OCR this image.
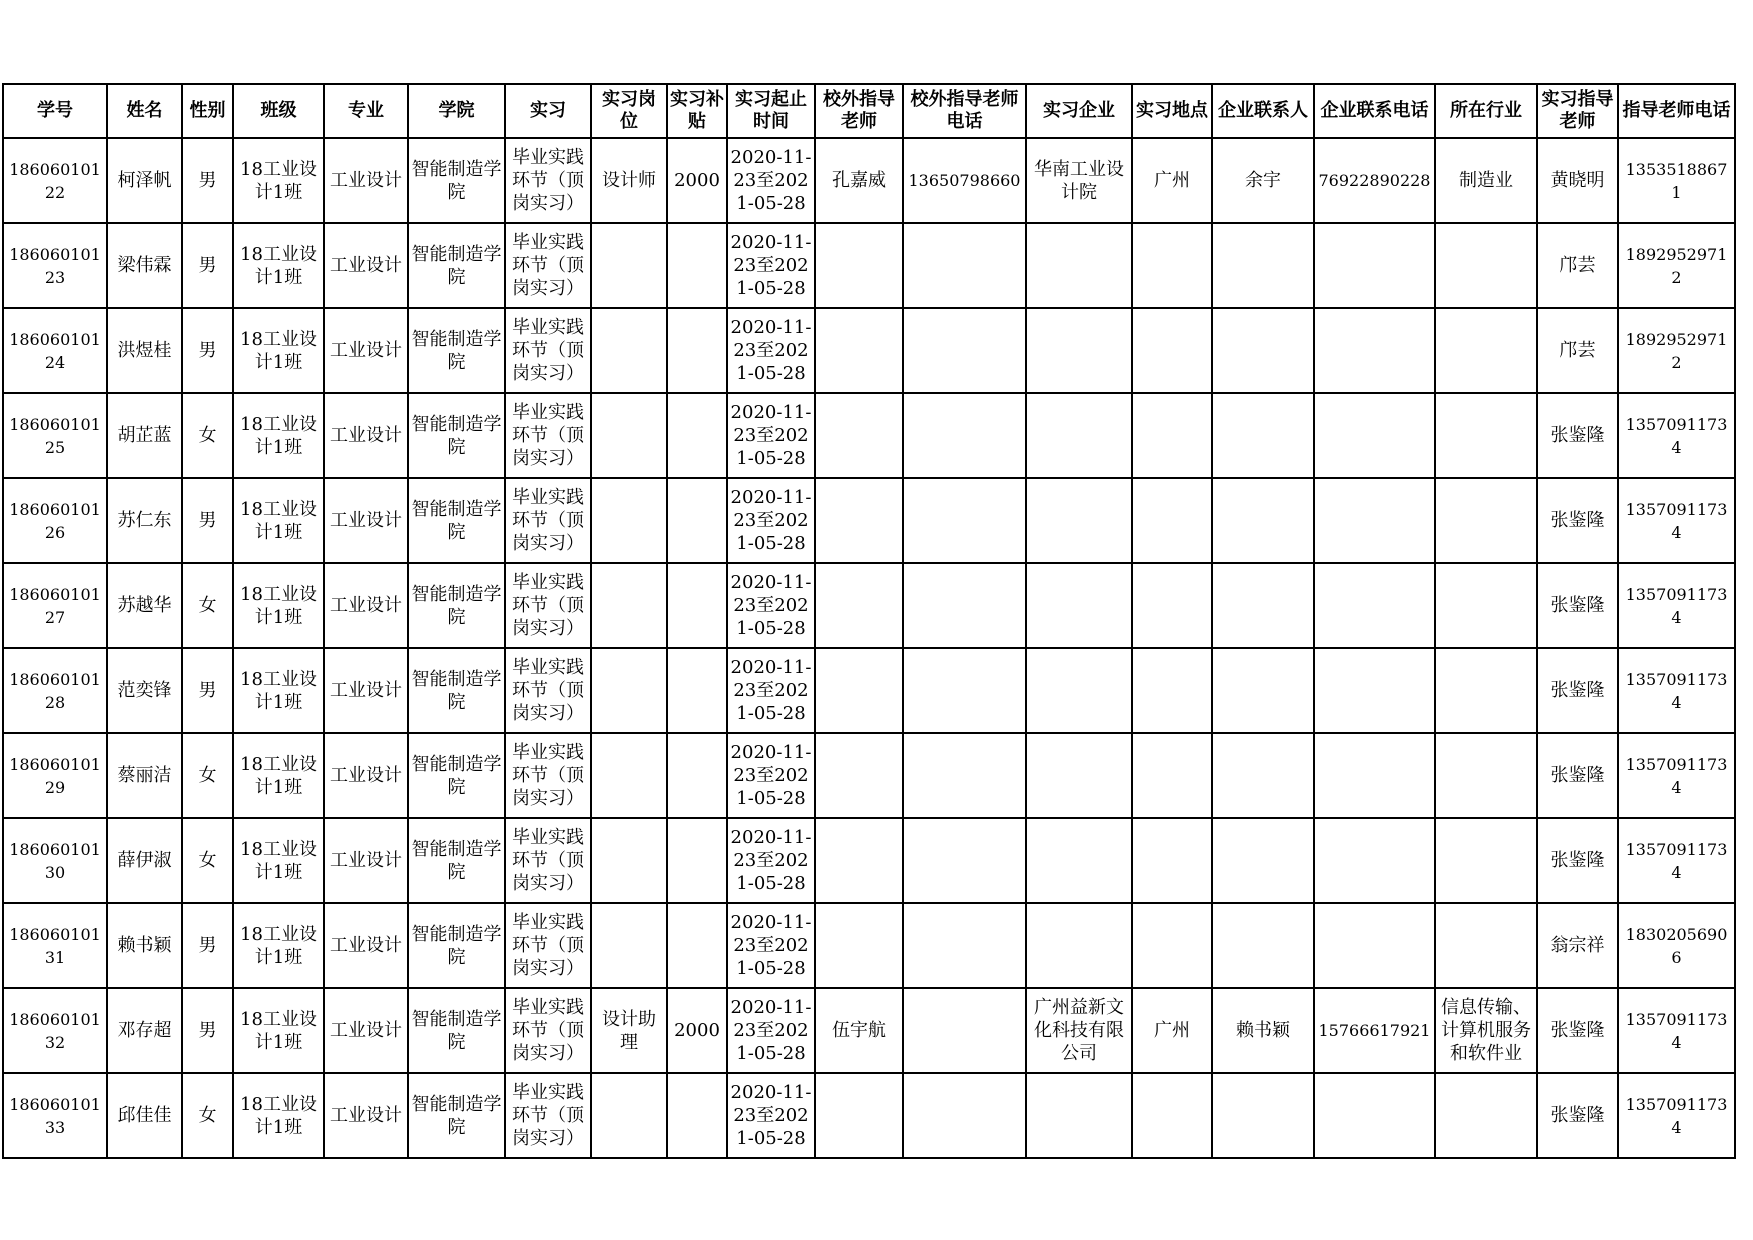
学号	姓名	性别	班级	专业	学院	实习	实习岗位	实习补贴	实习起止时间	校外指导老师	校外指导老师电话	实习企业	实习地点	企业联系人	企业联系电话	所在行业	实习指导老师	指导老师电话

18606010122	柯泽帆	男	18工业设计1班	工业设计	智能制造学院	毕业实践环节（顶岗实习）	设计师	2000	2020-11-23至2021-05-28	孔嘉威	13650798660	华南工业设计院	广州	余宇	76922890228	制造业	黄晓明	13535188671

18606010123	梁伟霖	男	18工业设计1班	工业设计	智能制造学院	毕业实践环节（顶岗实习）			2020-11-23至2021-05-28								邝芸	18929529712

18606010124	洪煜桂	男	18工业设计1班	工业设计	智能制造学院	毕业实践环节（顶岗实习）			2020-11-23至2021-05-28								邝芸	18929529712

18606010125	胡芷蓝	女	18工业设计1班	工业设计	智能制造学院	毕业实践环节（顶岗实习）			2020-11-23至2021-05-28								张鉴隆	13570911734

18606010126	苏仁东	男	18工业设计1班	工业设计	智能制造学院	毕业实践环节（顶岗实习）			2020-11-23至2021-05-28								张鉴隆	13570911734

18606010127	苏越华	女	18工业设计1班	工业设计	智能制造学院	毕业实践环节（顶岗实习）			2020-11-23至2021-05-28								张鉴隆	13570911734

18606010128	范奕锋	男	18工业设计1班	工业设计	智能制造学院	毕业实践环节（顶岗实习）			2020-11-23至2021-05-28								张鉴隆	13570911734

18606010129	蔡丽洁	女	18工业设计1班	工业设计	智能制造学院	毕业实践环节（顶岗实习）			2020-11-23至2021-05-28								张鉴隆	13570911734

18606010130	薛伊淑	女	18工业设计1班	工业设计	智能制造学院	毕业实践环节（顶岗实习）			2020-11-23至2021-05-28								张鉴隆	13570911734

18606010131	赖书颖	男	18工业设计1班	工业设计	智能制造学院	毕业实践环节（顶岗实习）			2020-11-23至2021-05-28								翁宗祥	18302056906

18606010132	邓存超	男	18工业设计1班	工业设计	智能制造学院	毕业实践环节（顶岗实习）	设计助理	2000	2020-11-23至2021-05-28	伍宇航		广州益新文化科技有限公司	广州	赖书颖	15766617921	信息传输、计算机服务和软件业	张鉴隆	13570911734

18606010133	邱佳佳	女	18工业设计1班	工业设计	智能制造学院	毕业实践环节（顶岗实习）			2020-11-23至2021-05-28								张鉴隆	13570911734
